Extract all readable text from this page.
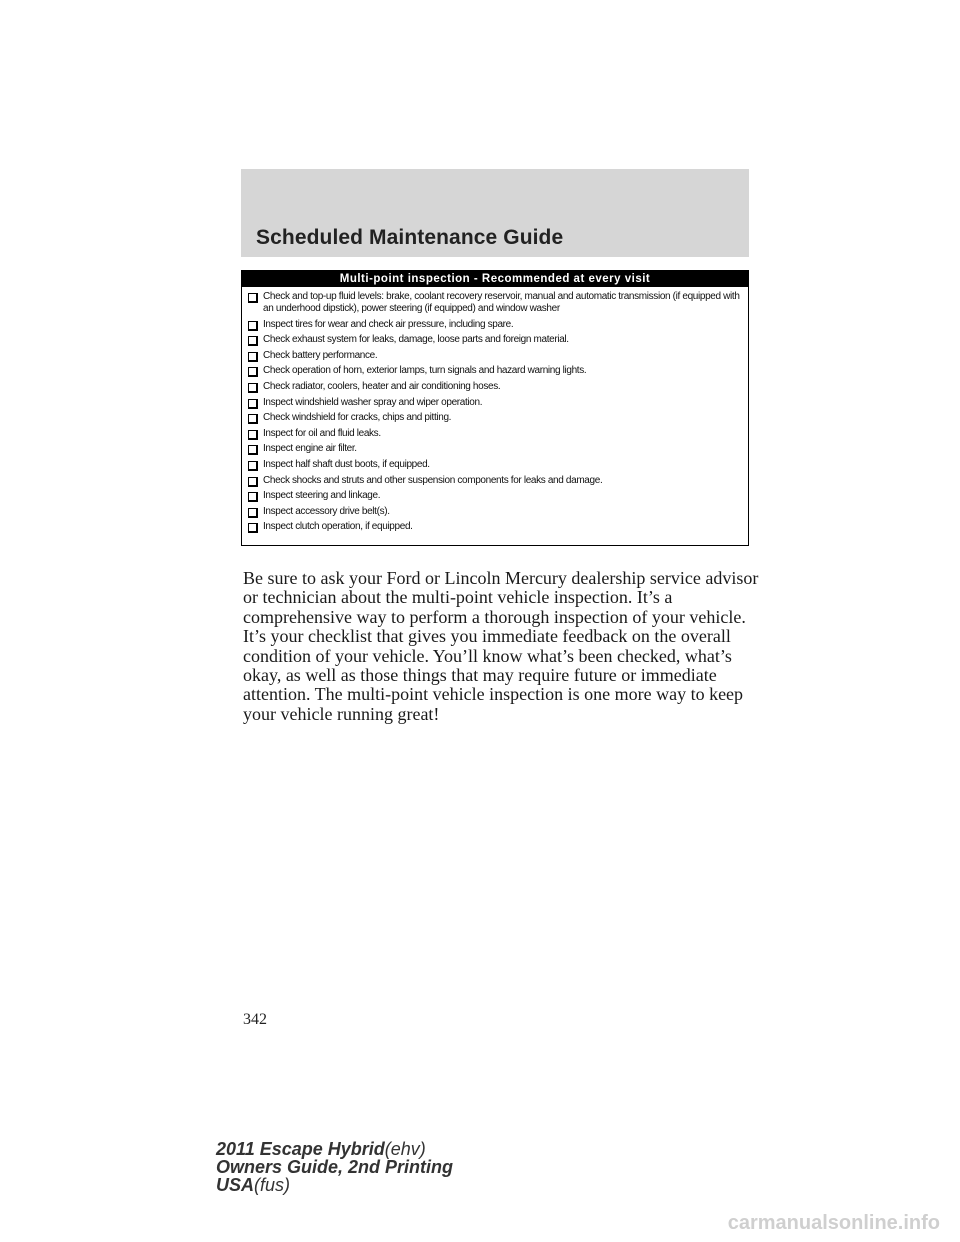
Scheduled Maintenance Guide
Multi-point inspection - Recommended at every visit
Check and top-up fluid levels: brake, coolant recovery reservoir, manual and automatic transmission (if equipped with an underhood dipstick), power steering (if equipped) and window washer
Inspect tires for wear and check air pressure, including spare.
Check exhaust system for leaks, damage, loose parts and foreign material.
Check battery performance.
Check operation of horn, exterior lamps, turn signals and hazard warning lights.
Check radiator, coolers, heater and air conditioning hoses.
Inspect windshield washer spray and wiper operation.
Check windshield for cracks, chips and pitting.
Inspect for oil and fluid leaks.
Inspect engine air filter.
Inspect half shaft dust boots, if equipped.
Check shocks and struts and other suspension components for leaks and damage.
Inspect steering and linkage.
Inspect accessory drive belt(s).
Inspect clutch operation, if equipped.

Be sure to ask your Ford or Lincoln Mercury dealership service advisor or technician about the multi-point vehicle inspection. It’s a comprehensive way to perform a thorough inspection of your vehicle. It’s your checklist that gives you immediate feedback on the overall condition of your vehicle. You’ll know what’s been checked, what’s okay, as well as those things that may require future or immediate attention. The multi-point vehicle inspection is one more way to keep your vehicle running great!

342
2011 Escape Hybrid(ehv)
Owners Guide, 2nd Printing
USA(fus)
carmanualsonline.info
